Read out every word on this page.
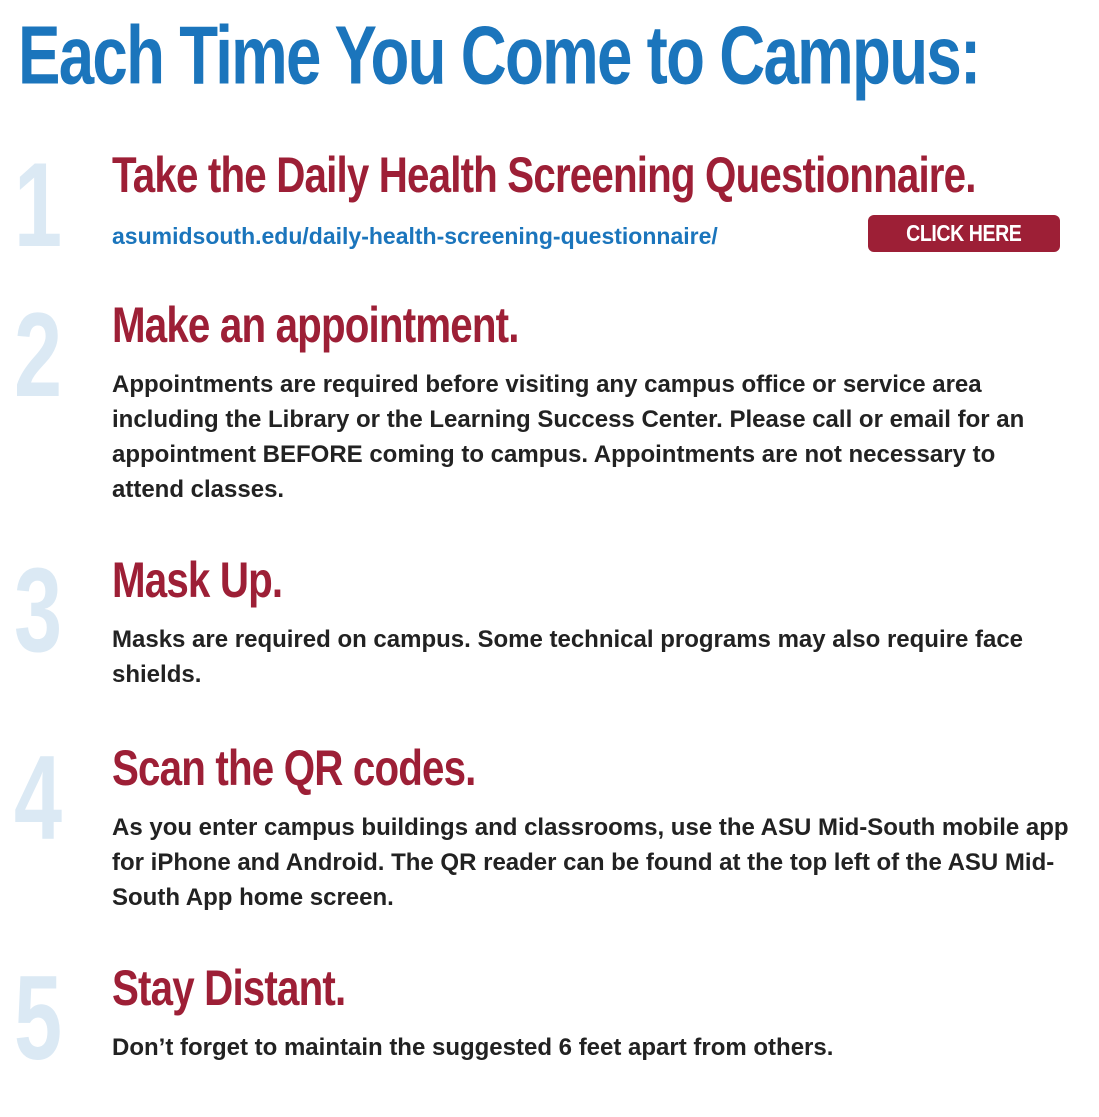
Each Time You Come to Campus:
1 Take the Daily Health Screening Questionnaire.
asumidsouth.edu/daily-health-screening-questionnaire/	CLICK HERE
2 Make an appointment.

Appointments are required before visiting any campus office or service area including the Library or the Learning Success Center. Please call or email for an appointment BEFORE coming to campus. Appointments are not necessary to attend classes.

3 Mask Up.

Masks are required on campus. Some technical programs may also require face shields.

4 Scan the QR codes.

As you enter campus buildings and classrooms, use the ASU Mid-South mobile app for iPhone and Android. The QR reader can be found at the top left of the ASU Mid-South App home screen.

5 Stay Distant.

Don’t forget to maintain the suggested 6 feet apart from others.
